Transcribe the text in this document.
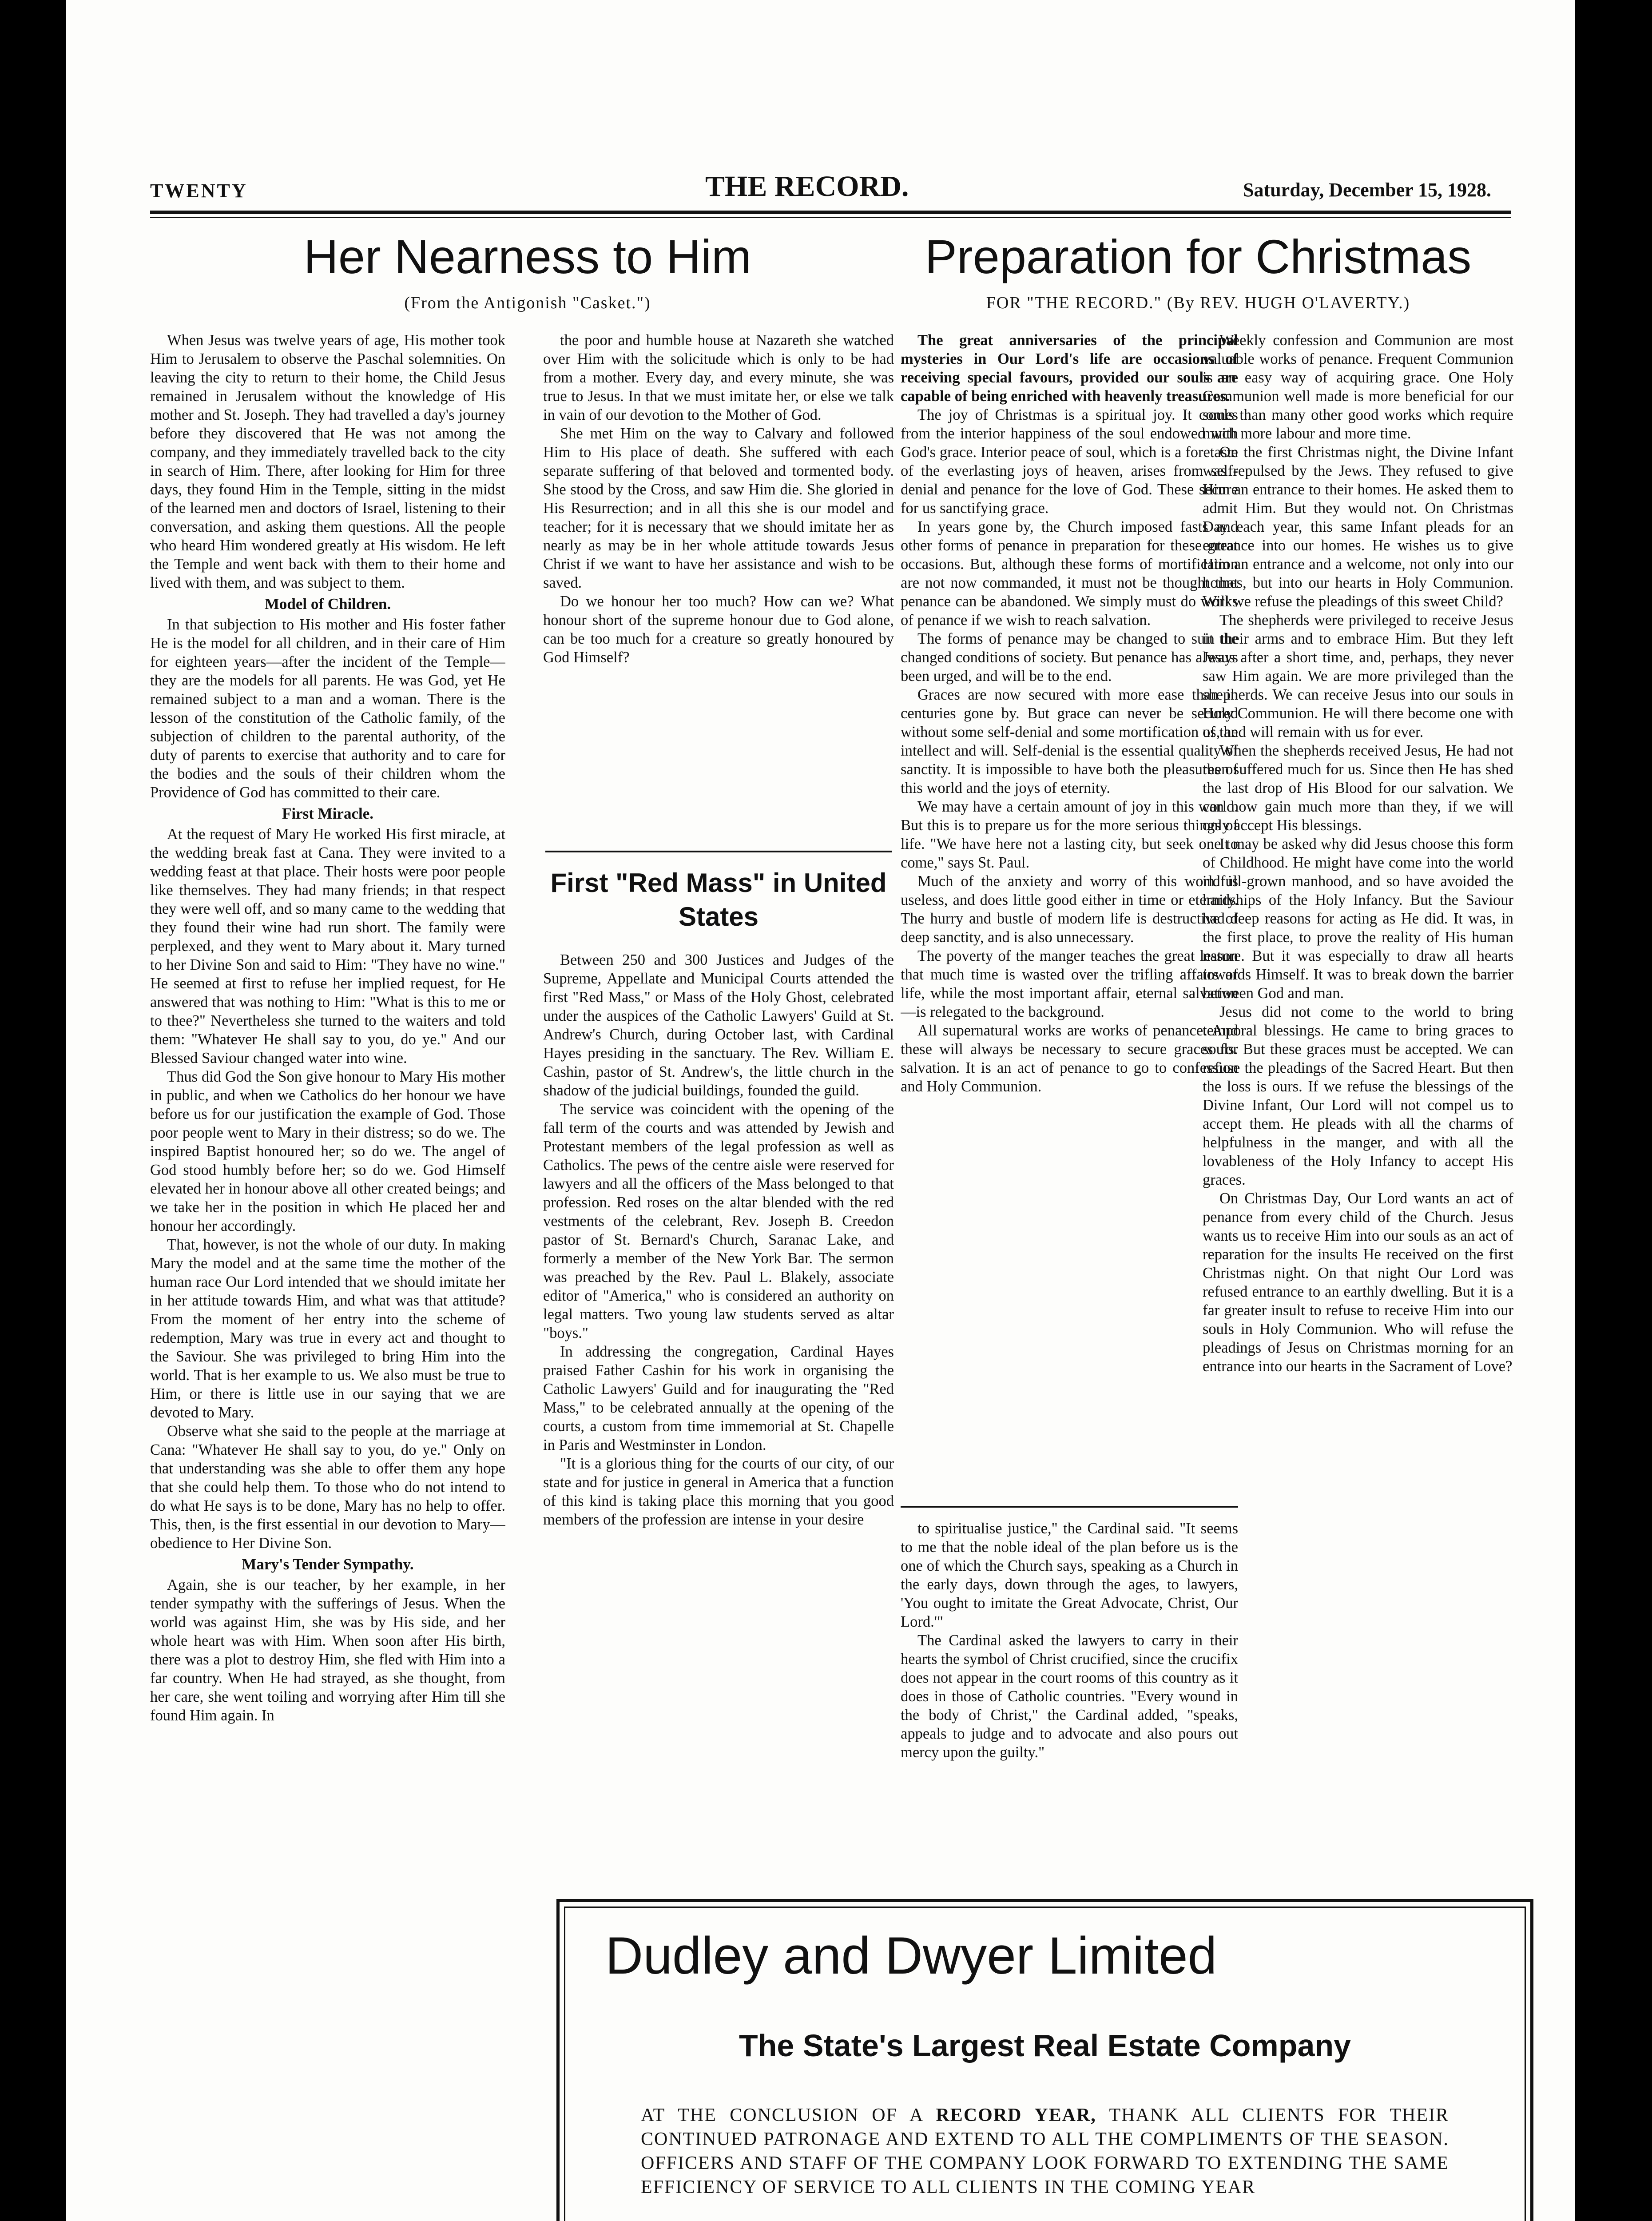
TWENTY	THE RECORD.	Saturday, December 15, 1928.
Her Nearness to Him
(From the Antigonish "Casket.")
Preparation for Christmas
FOR "THE RECORD." (By REV. HUGH O'LAVERTY.)

When Jesus was twelve years of age, His mother took Him to Jerusalem to observe the Paschal solemnities. On leaving the city to return to their home, the Child Jesus remained in Jerusalem without the knowledge of His mother and St. Joseph. They had travelled a day's journey before they discovered that He was not among the company, and they immediately travelled back to the city in search of Him. There, after looking for Him for three days, they found Him in the Temple, sitting in the midst of the learned men and doctors of Israel, listening to their conversation, and asking them questions. All the people who heard Him wondered greatly at His wisdom. He left the Temple and went back with them to their home and lived with them, and was subject to them.

Model of Children.

In that subjection to His mother and His foster father He is the model for all children, and in their care of Him for eighteen years—after the incident of the Temple—they are the models for all parents. He was God, yet He remained subject to a man and a woman. There is the lesson of the constitution of the Catholic family, of the subjection of children to the parental authority, of the duty of parents to exercise that authority and to care for the bodies and the souls of their children whom the Providence of God has committed to their care.

First Miracle.

At the request of Mary He worked His first miracle, at the wedding break fast at Cana. They were invited to a wedding feast at that place. Their hosts were poor people like themselves. They had many friends; in that respect they were well off, and so many came to the wedding that they found their wine had run short. The family were perplexed, and they went to Mary about it. Mary turned to her Divine Son and said to Him: "They have no wine." He seemed at first to refuse her implied request, for He answered that was nothing to Him: "What is this to me or to thee?" Nevertheless she turned to the waiters and told them: "Whatever He shall say to you, do ye." And our Blessed Saviour changed water into wine.

Thus did God the Son give honour to Mary His mother in public, and when we Catholics do her honour we have before us for our justification the example of God. Those poor people went to Mary in their distress; so do we. The inspired Baptist honoured her; so do we. The angel of God stood humbly before her; so do we. God Himself elevated her in honour above all other created beings; and we take her in the position in which He placed her and honour her accordingly.

That, however, is not the whole of our duty. In making Mary the model and at the same time the mother of the human race Our Lord intended that we should imitate her in her attitude towards Him, and what was that attitude? From the moment of her entry into the scheme of redemption, Mary was true in every act and thought to the Saviour. She was privileged to bring Him into the world. That is her example to us. We also must be true to Him, or there is little use in our saying that we are devoted to Mary.

Observe what she said to the people at the marriage at Cana: "Whatever He shall say to you, do ye." Only on that understanding was she able to offer them any hope that she could help them. To those who do not intend to do what He says is to be done, Mary has no help to offer. This, then, is the first essential in our devotion to Mary—obedience to Her Divine Son.

Mary's Tender Sympathy.

Again, she is our teacher, by her example, in her tender sympathy with the sufferings of Jesus. When the world was against Him, she was by His side, and her whole heart was with Him. When soon after His birth, there was a plot to destroy Him, she fled with Him into a far country. When He had strayed, as she thought, from her care, she went toiling and worrying after Him till she found Him again. In

the poor and humble house at Nazareth she watched over Him with the solicitude which is only to be had from a mother. Every day, and every minute, she was true to Jesus. In that we must imitate her, or else we talk in vain of our devotion to the Mother of God.

She met Him on the way to Calvary and followed Him to His place of death. She suffered with each separate suffering of that beloved and tormented body. She stood by the Cross, and saw Him die. She gloried in His Resurrection; and in all this she is our model and teacher; for it is necessary that we should imitate her as nearly as may be in her whole attitude towards Jesus Christ if we want to have her assistance and wish to be saved.

Do we honour her too much? How can we? What honour short of the supreme honour due to God alone, can be too much for a creature so greatly honoured by God Himself?

First "Red Mass" in United States

Between 250 and 300 Justices and Judges of the Supreme, Appellate and Municipal Courts attended the first "Red Mass," or Mass of the Holy Ghost, celebrated under the auspices of the Catholic Lawyers' Guild at St. Andrew's Church, during October last, with Cardinal Hayes presiding in the sanctuary. The Rev. William E. Cashin, pastor of St. Andrew's, the little church in the shadow of the judicial buildings, founded the guild.

The service was coincident with the opening of the fall term of the courts and was attended by Jewish and Protestant members of the legal profession as well as Catholics. The pews of the centre aisle were reserved for lawyers and all the officers of the Mass belonged to that profession. Red roses on the altar blended with the red vestments of the celebrant, Rev. Joseph B. Creedon pastor of St. Bernard's Church, Saranac Lake, and formerly a member of the New York Bar. The sermon was preached by the Rev. Paul L. Blakely, associate editor of "America," who is considered an authority on legal matters. Two young law students served as altar "boys."

In addressing the congregation, Cardinal Hayes praised Father Cashin for his work in organising the Catholic Lawyers' Guild and for inaugurating the "Red Mass," to be celebrated annually at the opening of the courts, a custom from time immemorial at St. Chapelle in Paris and Westminster in London.

"It is a glorious thing for the courts of our city, of our state and for justice in general in America that a function of this kind is taking place this morning that you good members of the profession are intense in your desire

The great anniversaries of the principal mysteries in Our Lord's life are occasions of receiving special favours, provided our souls are capable of being enriched with heavenly treasures.

The joy of Christmas is a spiritual joy. It comes from the interior happiness of the soul endowed with God's grace. Interior peace of soul, which is a foretaste of the everlasting joys of heaven, arises from self-denial and penance for the love of God. These secure for us sanctifying grace.

In years gone by, the Church imposed fasts and other forms of penance in preparation for these great occasions. But, although these forms of mortification are not now commanded, it must not be thought that penance can be abandoned. We simply must do works of penance if we wish to reach salvation.

The forms of penance may be changed to suit the changed conditions of society. But penance has always been urged, and will be to the end.

Graces are now secured with more ease than in centuries gone by. But grace can never be secured without some self-denial and some mortification of the intellect and will. Self-denial is the essential quality of sanctity. It is impossible to have both the pleasures of this world and the joys of eternity.

We may have a certain amount of joy in this world. But this is to prepare us for the more serious things of life. "We have here not a lasting city, but seek one to come," says St. Paul.

Much of the anxiety and worry of this world is useless, and does little good either in time or eternity. The hurry and bustle of modern life is destructive of deep sanctity, and is also unnecessary.

The poverty of the manger teaches the great lesson that much time is wasted over the trifling affairs of life, while the most important affair, eternal salvation—is relegated to the background.

All supernatural works are works of penance. And these will always be necessary to secure graces for salvation. It is an act of penance to go to confession and Holy Communion.

to spiritualise justice," the Cardinal said. "It seems to me that the noble ideal of the plan before us is the one of which the Church says, speaking as a Church in the early days, down through the ages, to lawyers, 'You ought to imitate the Great Advocate, Christ, Our Lord.'"

The Cardinal asked the lawyers to carry in their hearts the symbol of Christ crucified, since the crucifix does not appear in the court rooms of this country as it does in those of Catholic countries. "Every wound in the body of Christ," the Cardinal added, "speaks, appeals to judge and to advocate and also pours out mercy upon the guilty."

Weekly confession and Communion are most valuable works of penance. Frequent Communion is an easy way of acquiring grace. One Holy Communion well made is more beneficial for our souls than many other good works which require much more labour and more time.

On the first Christmas night, the Divine Infant was repulsed by the Jews. They refused to give Him an entrance to their homes. He asked them to admit Him. But they would not. On Christmas Day each year, this same Infant pleads for an entrance into our homes. He wishes us to give Him an entrance and a welcome, not only into our homes, but into our hearts in Holy Communion. Will we refuse the pleadings of this sweet Child?

The shepherds were privileged to receive Jesus in their arms and to embrace Him. But they left Jesus after a short time, and, perhaps, they never saw Him again. We are more privileged than the shepherds. We can receive Jesus into our souls in Holy Communion. He will there become one with us, and will remain with us for ever.

When the shepherds received Jesus, He had not then suffered much for us. Since then He has shed the last drop of His Blood for our salvation. We can now gain much more than they, if we will only accept His blessings.

It may be asked why did Jesus choose this form of Childhood. He might have come into the world in full-grown manhood, and so have avoided the hardships of the Holy Infancy. But the Saviour had deep reasons for acting as He did. It was, in the first place, to prove the reality of His human nature. But it was especially to draw all hearts towards Himself. It was to break down the barrier between God and man.

Jesus did not come to the world to bring temporal blessings. He came to bring graces to souls. But these graces must be accepted. We can refuse the pleadings of the Sacred Heart. But then the loss is ours. If we refuse the blessings of the Divine Infant, Our Lord will not compel us to accept them. He pleads with all the charms of helpfulness in the manger, and with all the lovableness of the Holy Infancy to accept His graces.

On Christmas Day, Our Lord wants an act of penance from every child of the Church. Jesus wants us to receive Him into our souls as an act of reparation for the insults He received on the first Christmas night. On that night Our Lord was refused entrance to an earthly dwelling. But it is a far greater insult to refuse to receive Him into our souls in Holy Communion. Who will refuse the pleadings of Jesus on Christmas morning for an entrance into our hearts in the Sacrament of Love?

Dudley and Dwyer Limited
The State's Largest Real Estate Company
AT THE CONCLUSION OF A RECORD YEAR, THANK ALL CLIENTS FOR THEIR CONTINUED PATRONAGE AND EXTEND TO ALL THE COMPLIMENTS OF THE SEASON. OFFICERS AND STAFF OF THE COMPANY LOOK FORWARD TO EXTENDING THE SAME EFFICIENCY OF SERVICE TO ALL CLIENTS IN THE COMING YEAR
